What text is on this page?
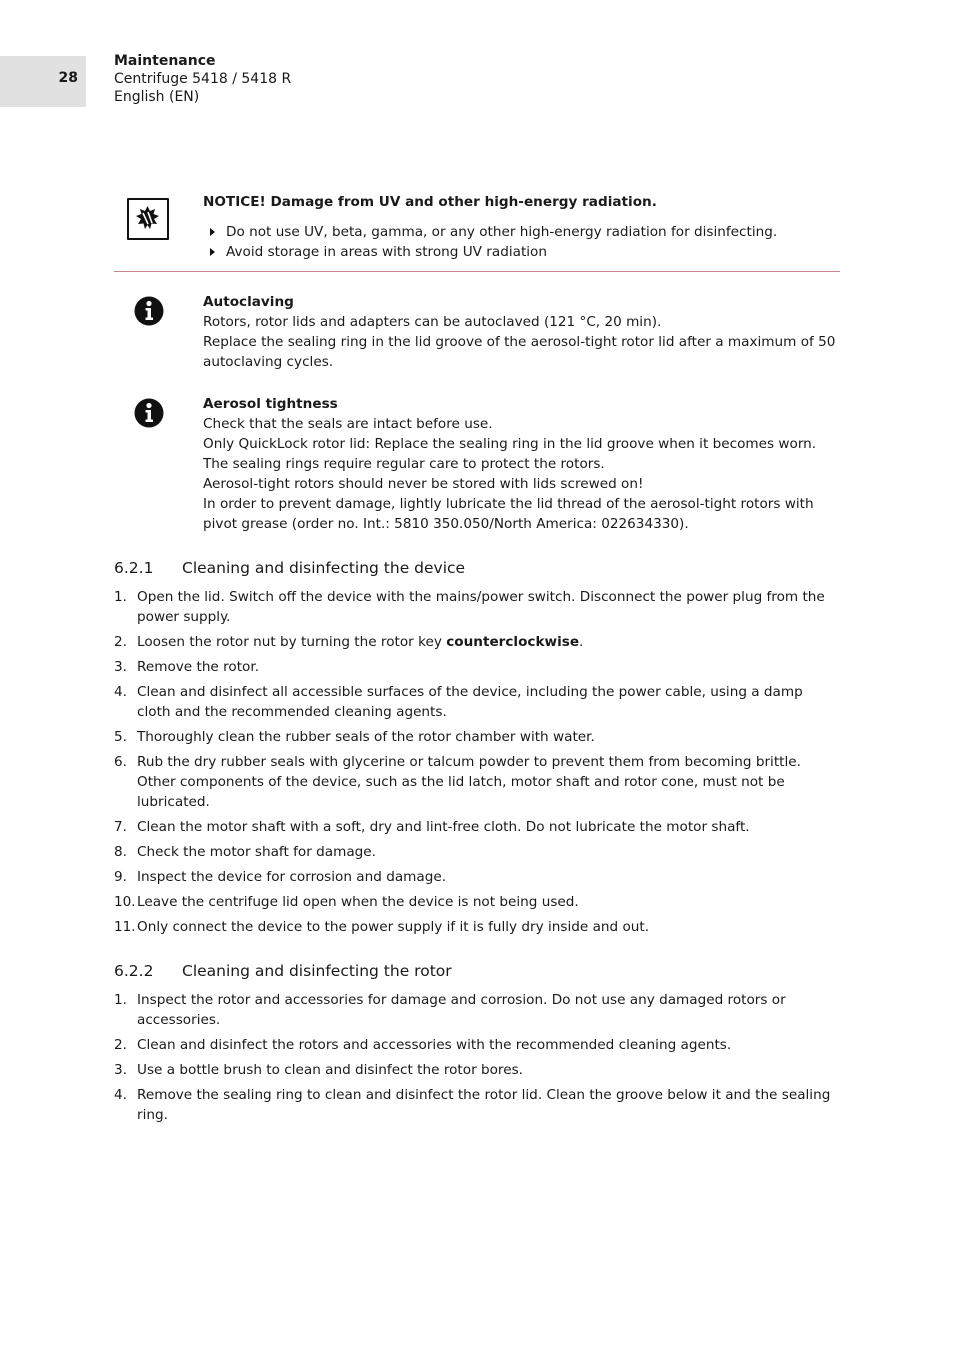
28
Maintenance
Centrifuge 5418 / 5418 R
English (EN)
NOTICE! Damage from UV and other high-energy radiation.
Do not use UV, beta, gamma, or any other high-energy radiation for disinfecting.
Avoid storage in areas with strong UV radiation
Autoclaving
Rotors, rotor lids and adapters can be autoclaved (121 °C, 20 min).
Replace the sealing ring in the lid groove of the aerosol-tight rotor lid after a maximum of 50 autoclaving cycles.
Aerosol tightness
Check that the seals are intact before use.
Only QuickLock rotor lid: Replace the sealing ring in the lid groove when it becomes worn.
The sealing rings require regular care to protect the rotors.
Aerosol-tight rotors should never be stored with lids screwed on!
In order to prevent damage, lightly lubricate the lid thread of the aerosol-tight rotors with pivot grease (order no. Int.: 5810 350.050/North America: 022634330).
6.2.1 Cleaning and disinfecting the device
1. Open the lid. Switch off the device with the mains/power switch. Disconnect the power plug from the power supply.
2. Loosen the rotor nut by turning the rotor key counterclockwise.
3. Remove the rotor.
4. Clean and disinfect all accessible surfaces of the device, including the power cable, using a damp cloth and the recommended cleaning agents.
5. Thoroughly clean the rubber seals of the rotor chamber with water.
6. Rub the dry rubber seals with glycerine or talcum powder to prevent them from becoming brittle. Other components of the device, such as the lid latch, motor shaft and rotor cone, must not be lubricated.
7. Clean the motor shaft with a soft, dry and lint-free cloth. Do not lubricate the motor shaft.
8. Check the motor shaft for damage.
9. Inspect the device for corrosion and damage.
10. Leave the centrifuge lid open when the device is not being used.
11. Only connect the device to the power supply if it is fully dry inside and out.
6.2.2 Cleaning and disinfecting the rotor
1. Inspect the rotor and accessories for damage and corrosion. Do not use any damaged rotors or accessories.
2. Clean and disinfect the rotors and accessories with the recommended cleaning agents.
3. Use a bottle brush to clean and disinfect the rotor bores.
4. Remove the sealing ring to clean and disinfect the rotor lid. Clean the groove below it and the sealing ring.
